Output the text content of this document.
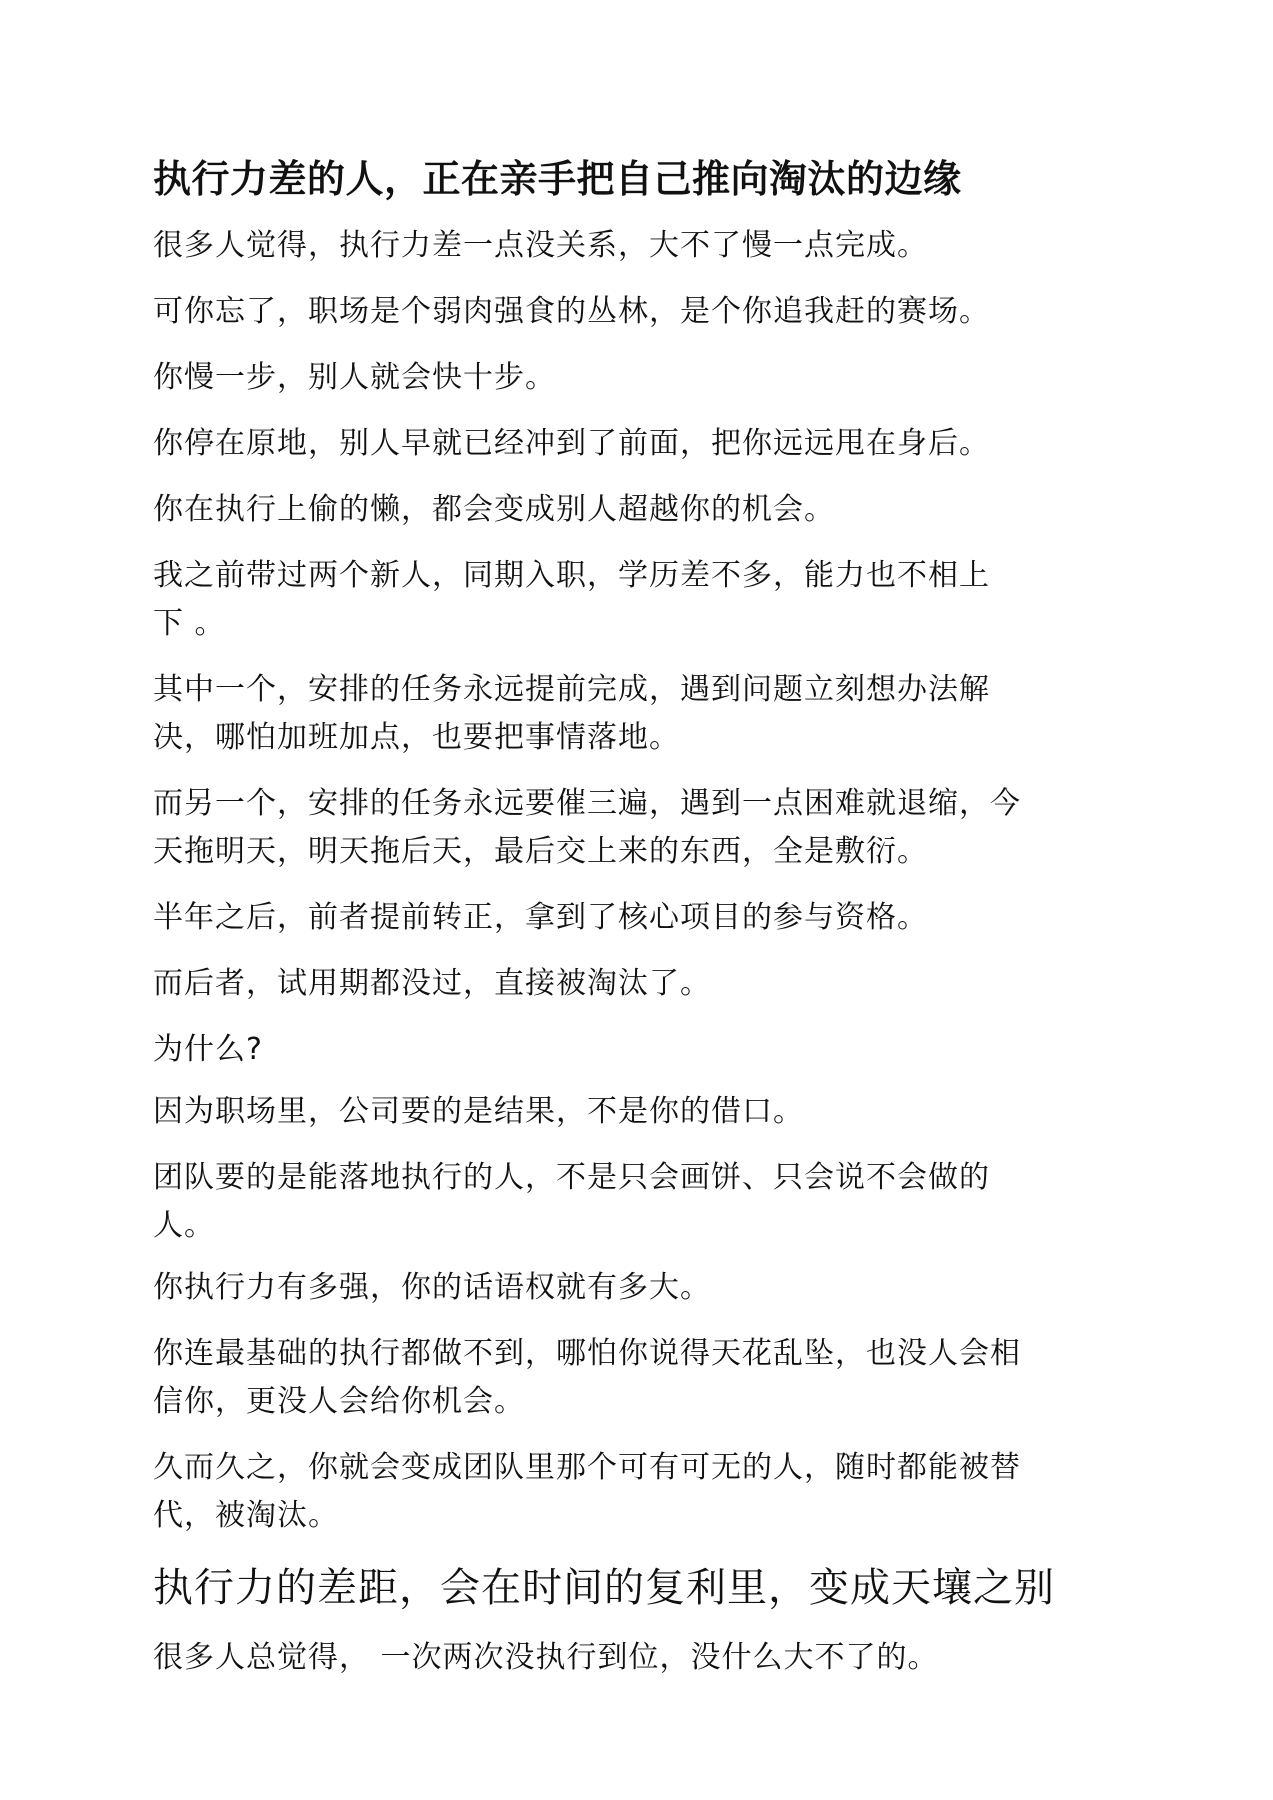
执行力差的人，正在亲手把自己推向淘汰的边缘
很多人觉得，执行力差一点没关系，大不了慢一点完成。
可你忘了，职场是个弱肉强食的丛林，是个你追我赶的赛场。
你慢一步，别人就会快十步。
你停在原地，别人早就已经冲到了前面，把你远远甩在身后。
你在执行上偷的懒，都会变成别人超越你的机会。
我之前带过两个新人，同期入职，学历差不多，能力也不相上
下 。
其中一个，安排的任务永远提前完成，遇到问题立刻想办法解
决，哪怕加班加点，也要把事情落地。
而另一个，安排的任务永远要催三遍，遇到一点困难就退缩，今
天拖明天，明天拖后天，最后交上来的东西，全是敷衍。
半年之后，前者提前转正，拿到了核心项目的参与资格。
而后者，试用期都没过，直接被淘汰了。
为什么?
因为职场里，公司要的是结果，不是你的借口。
团队要的是能落地执行的人，不是只会画饼、只会说不会做的
人。
你执行力有多强，你的话语权就有多大。
你连最基础的执行都做不到，哪怕你说得天花乱坠，也没人会相
信你，更没人会给你机会。
久而久之，你就会变成团队里那个可有可无的人，随时都能被替
代，被淘汰。
执行力的差距，会在时间的复利里，变成天壤之别
很多人总觉得， 一次两次没执行到位，没什么大不了的。
